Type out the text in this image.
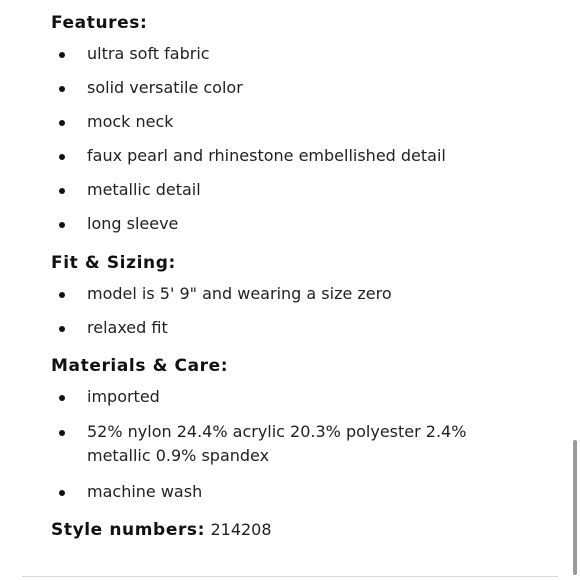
Features:
ultra soft fabric
solid versatile color
mock neck
faux pearl and rhinestone embellished detail
metallic detail
long sleeve
Fit & Sizing:
model is 5' 9" and wearing a size zero
relaxed fit
Materials & Care:
imported
52% nylon 24.4% acrylic 20.3% polyester 2.4% metallic 0.9% spandex
machine wash
Style numbers: 214208
